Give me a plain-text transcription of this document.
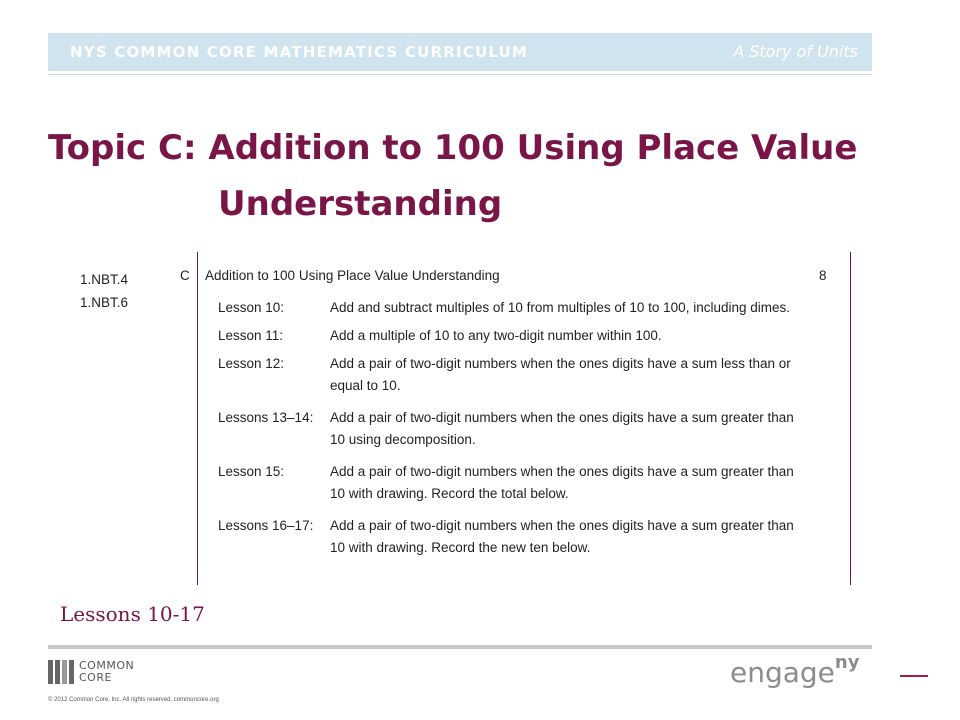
NYS COMMON CORE MATHEMATICS CURRICULUM	A Story of Units
Topic C: Addition to 100 Using Place Value
Understanding
1.NBT.4
1.NBT.6
C Addition to 100 Using Place Value Understanding	8
Lesson 10:	Add and subtract multiples of 10 from multiples of 10 to 100, including dimes.
Lesson 11:	Add a multiple of 10 to any two-digit number within 100.
Lesson 12:	Add a pair of two-digit numbers when the ones digits have a sum less than or equal to 10.
Lessons 13–14:	Add a pair of two-digit numbers when the ones digits have a sum greater than 10 using decomposition.
Lesson 15:	Add a pair of two-digit numbers when the ones digits have a sum greater than 10 with drawing. Record the total below.
Lessons 16–17:	Add a pair of two-digit numbers when the ones digits have a sum greater than 10 with drawing. Record the new ten below.
Lessons 10-17
COMMON
CORE
© 2012 Common Core, Inc. All rights reserved. commoncore.org
engage$^{ny}$
